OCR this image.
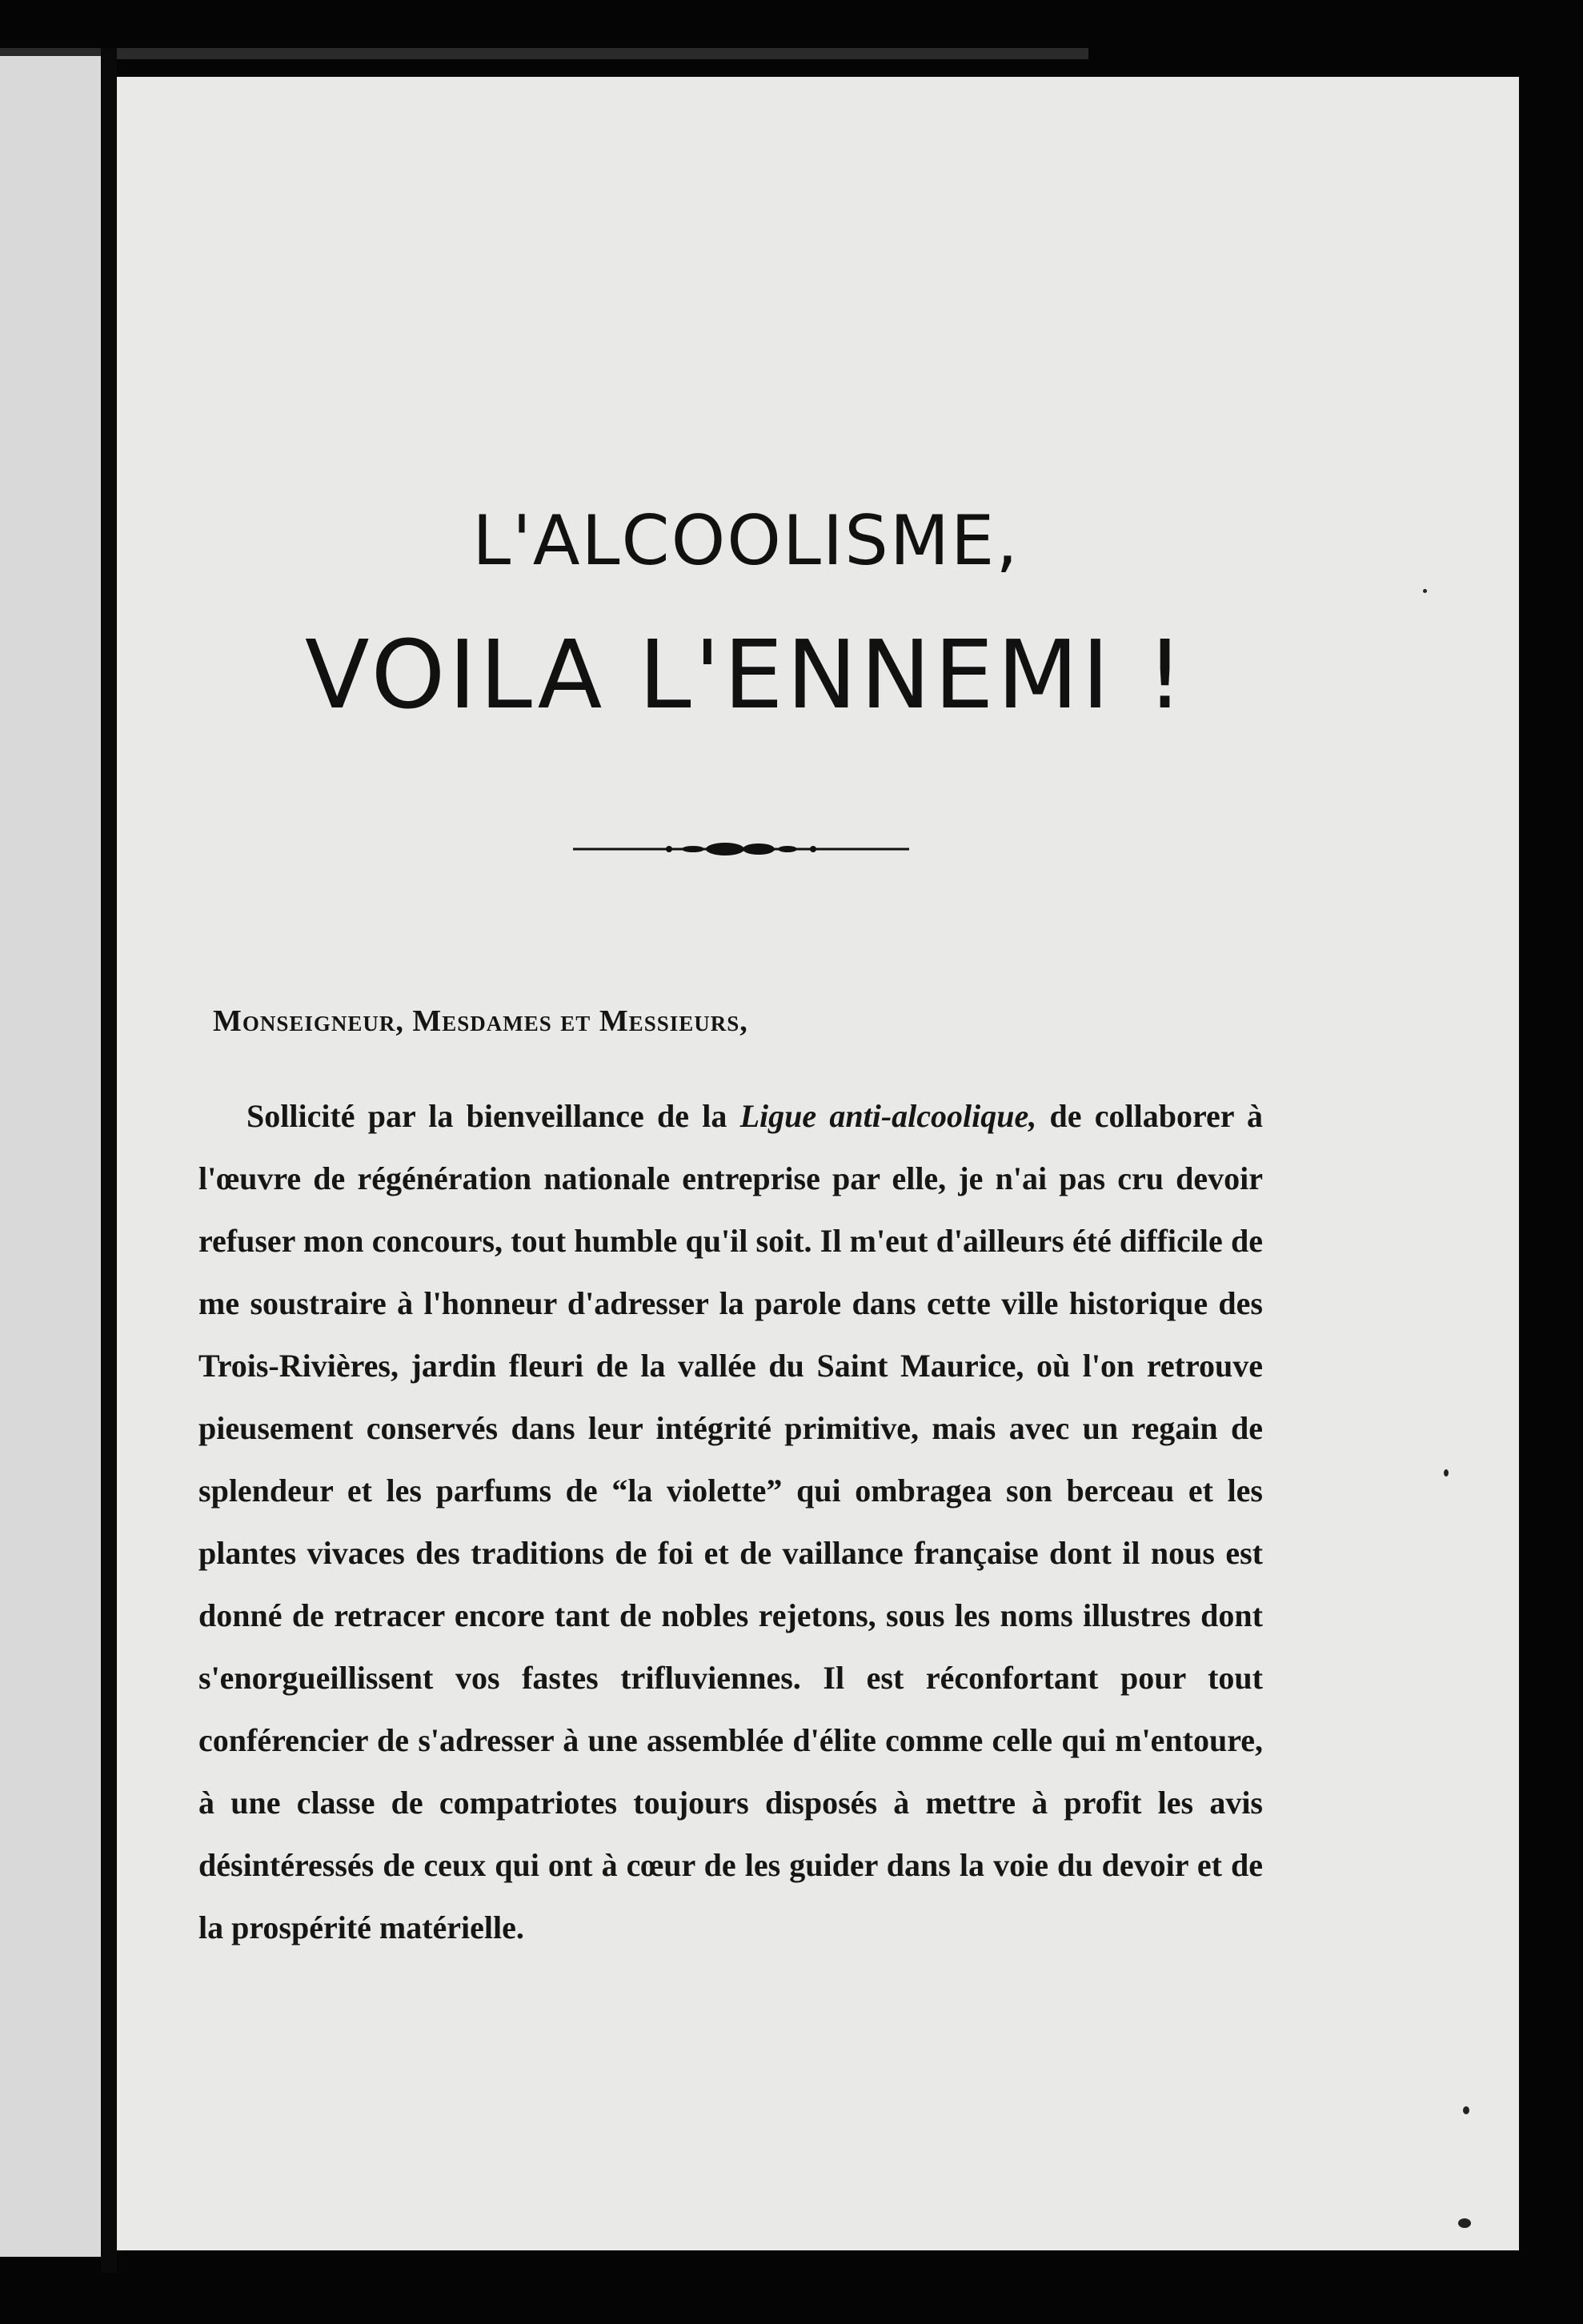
L'ALCOOLISME,
VOILA L'ENNEMI !

Monseigneur, Mesdames et Messieurs,

Sollicité par la bienveillance de la Ligue anti-alcoolique, de collaborer à l'œuvre de régénération nationale entreprise par elle, je n'ai pas cru devoir refuser mon concours, tout humble qu'il soit. Il m'eut d'ailleurs été difficile de me soustraire à l'honneur d'adresser la parole dans cette ville historique des Trois-Rivières, jardin fleuri de la vallée du Saint Maurice, où l'on retrouve pieusement conservés dans leur intégrité primitive, mais avec un regain de splendeur et les parfums de “la violette” qui ombragea son berceau et les plantes vivaces des traditions de foi et de vaillance française dont il nous est donné de retracer encore tant de nobles rejetons, sous les noms illustres dont s'enorgueillissent vos fastes trifluviennes. Il est réconfortant pour tout conférencier de s'adresser à une assemblée d'élite comme celle qui m'entoure, à une classe de compatriotes toujours disposés à mettre à profit les avis désintéressés de ceux qui ont à cœur de les guider dans la voie du devoir et de la prospérité matérielle.
